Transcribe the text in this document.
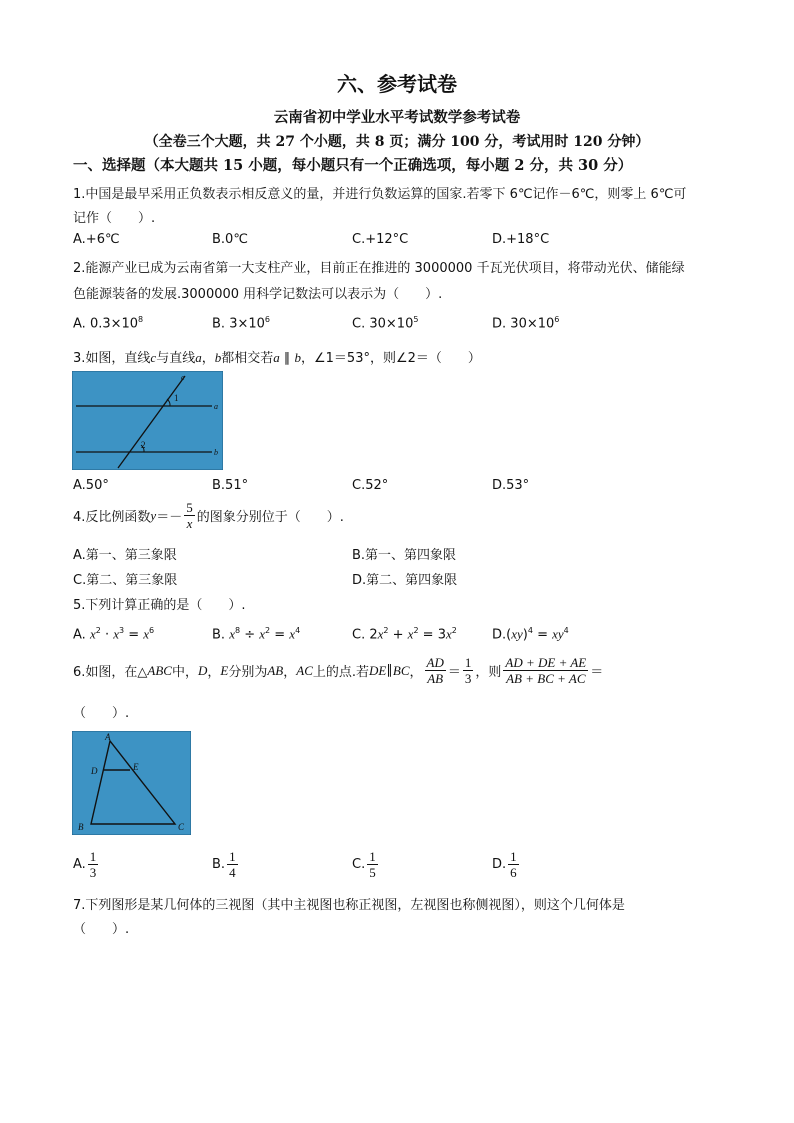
六、参考试卷
云南省初中学业水平考试数学参考试卷
（全卷三个大题，共 27 个小题，共 8 页；满分 100 分，考试用时 120 分钟）
一、选择题（本大题共 15 小题，每小题只有一个正确选项，每小题 2 分，共 30 分）
1.中国是最早采用正负数表示相反意义的量，并进行负数运算的国家.若零下 6℃记作－6℃，则零上 6℃可
记作（　　）.
A.+6℃	B.0℃	C.+12°C	D.+18°C
2.能源产业已成为云南省第一大支柱产业，目前正在推进的 3000000 千瓦光伏项目，将带动光伏、储能绿
色能源装备的发展.3000000 用科学记数法可以表示为（　　）.
A. $0.3\times 10^8$	B. $3\times 10^6$	C. $30\times 10^5$	D. $30\times 10^6$
3.如图，直线c与直线a，b都相交若a ∥ b，∠1＝53°，则∠2＝（　　）
c
1
a
2
b
A.50°	B.51°	C.52°	D.53°
4.反比例函数 $y =- \frac{5}{x}$ 的图象分别位于（　　）.
A.第一、第三象限	B.第一、第四象限
C.第二、第三象限	D.第二、第四象限
5.下列计算正确的是（　　）.
A. $x^2 \cdot x^3 = x^6$	B. $x^8 \div x^2 = x^4$	C. $2x^2 + x^2 = 3x^2$	$D.(xy)^4 = xy^4$
6.如图，在△ ABC 中， D ， E 分别为 AB ， AC 上的点.若 DE ∥ BC ， $\frac{AD}{AB} = \frac{1}{3}$ ，则 $\frac{AD + DE + AE}{AB + BC + AC}$ ＝
（　　）.
A
D	E
B	C
A. $\frac{1}{3}$	B. $\frac{1}{4}$	C. $\frac{1}{5}$	D. $\frac{1}{6}$
7.下列图形是某几何体的三视图（其中主视图也称正视图，左视图也称侧视图），则这个几何体是
（　　）.
